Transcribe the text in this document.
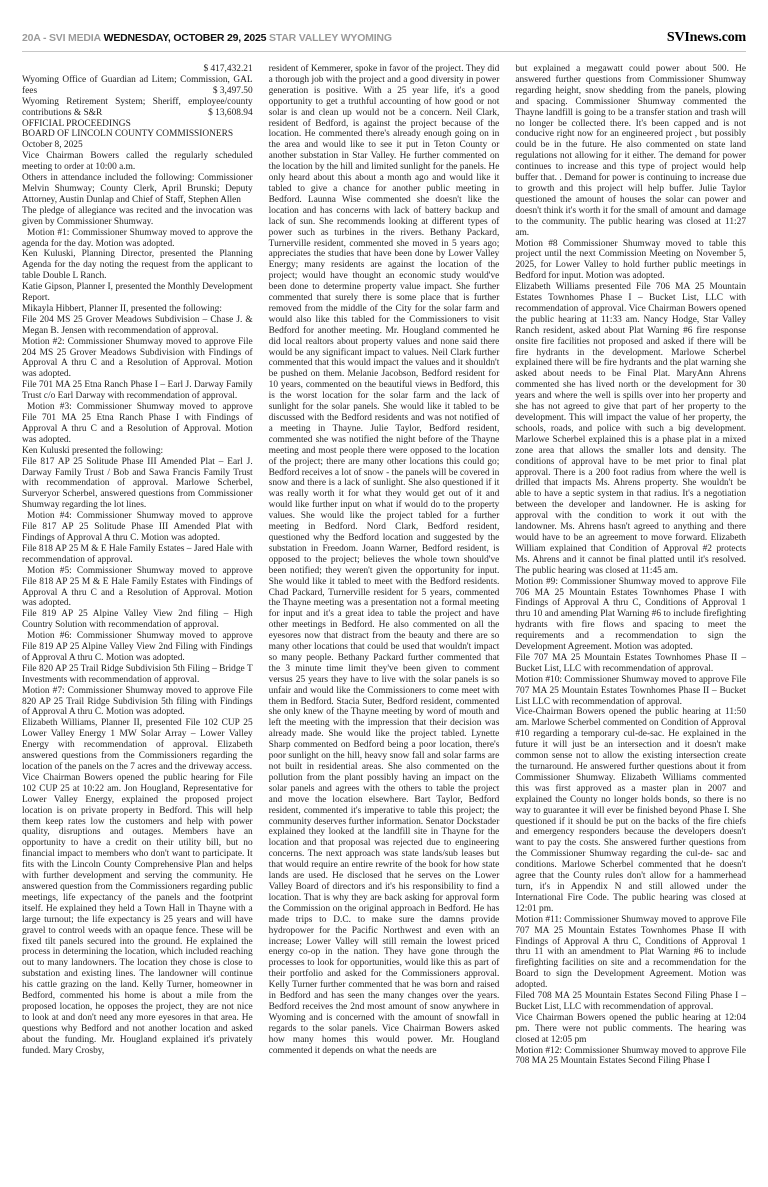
20A - SVI MEDIA WEDNESDAY, OCTOBER 29, 2025 STAR VALLEY WYOMING	SVInews.com

$ 417,432.21

Wyoming Office of Guardian ad Litem; Commission, GAL

fees	$ 3,497.50

Wyoming Retirement System; Sheriff, employee/county

contributions & S&R	$ 13,608.94

OFFICIAL PROCEEDINGS

BOARD OF LINCOLN COUNTY COMMISSIONERS

October 8, 2025

Vice Chairman Bowers called the regularly scheduled meeting to order at 10:00 a.m.

Others in attendance included the following: Commissioner Melvin Shumway; County Clerk, April Brunski; Deputy Attorney, Austin Dunlap and Chief of Staff, Stephen Allen

The pledge of allegiance was recited and the invocation was given by Commissioner Shumway.

Motion #1: Commissioner Shumway moved to approve the agenda for the day. Motion was adopted.

Ken Kuluski, Planning Director, presented the Planning Agenda for the day noting the request from the applicant to table Double L Ranch.

Katie Gipson, Planner I, presented the Monthly Development Report.

Mikayla Hibbert, Planner II, presented the following:

File 204 MS 25 Grover Meadows Subdivision – Chase J. & Megan B. Jensen with recommendation of approval.

Motion #2: Commissioner Shumway moved to approve File 204 MS 25 Grover Meadows Subdivision with Findings of Approval A thru C and a Resolution of Approval. Motion was adopted.

File 701 MA 25 Etna Ranch Phase I – Earl J. Darway Family Trust c/o Earl Darway with recommendation of approval.

Motion #3: Commissioner Shumway moved to approve File 701 MA 25 Etna Ranch Phase I with Findings of Approval A thru C and a Resolution of Approval. Motion was adopted.

Ken Kuluski presented the following:

File 817 AP 25 Solitude Phase III Amended Plat – Earl J. Darway Family Trust / Bob and Sawa Francis Family Trust with recommendation of approval. Marlowe Scherbel, Surveryor Scherbel, answered questions from Commissioner Shumway regarding the lot lines.

Motion #4: Commissioner Shumway moved to approve File 817 AP 25 Solitude Phase III Amended Plat with Findings of Approval A thru C. Motion was adopted.

File 818 AP 25 M & E Hale Family Estates – Jared Hale with recommendation of approval.

Motion #5: Commissioner Shumway moved to approve File 818 AP 25 M & E Hale Family Estates with Findings of Approval A thru C and a Resolution of Approval. Motion was adopted.

File 819 AP 25 Alpine Valley View 2nd filing – High Country Solution with recommendation of approval.

Motion #6: Commissioner Shumway moved to approve File 819 AP 25 Alpine Valley View 2nd Filing with Findings of Approval A thru C. Motion was adopted.

File 820 AP 25 Trail Ridge Subdivision 5th Filing – Bridge T Investments with recommendation of approval.

Motion #7: Commissioner Shumway moved to approve File 820 AP 25 Trail Ridge Subdivision 5th filing with Findings of Approval A thru C. Motion was adopted.

Elizabeth Williams, Planner II, presented File 102 CUP 25 Lower Valley Energy 1 MW Solar Array – Lower Valley Energy with recommendation of approval. Elizabeth answered questions from the Commissioners regarding the location of the panels on the 7 acres and the driveway access.

Vice Chairman Bowers opened the public hearing for File 102 CUP 25 at 10:22 am. Jon Hougland, Representative for Lower Valley Energy, explained the proposed project location is on private property in Bedford. This will help them keep rates low the customers and help with power quality, disruptions and outages. Members have an opportunity to have a credit on their utility bill, but no financial impact to members who don't want to participate. It fits with the Lincoln County Comprehensive Plan and helps with further development and serving the community. He answered question from the Commissioners regarding public meetings, life expectancy of the panels and the footprint itself. He explained they held a Town Hall in Thayne with a large turnout; the life expectancy is 25 years and will have gravel to control weeds with an opaque fence. These will be fixed tilt panels secured into the ground. He explained the process in determining the location, which included reaching out to many landowners. The location they chose is close to substation and existing lines. The landowner will continue his cattle grazing on the land. Kelly Turner, homeowner in Bedford, commented his home is about a mile from the proposed location, he opposes the project, they are not nice to look at and don't need any more eyesores in that area. He questions why Bedford and not another location and asked about the funding. Mr. Hougland explained it's privately funded. Mary Crosby,

resident of Kemmerer, spoke in favor of the project. They did a thorough job with the project and a good diversity in power generation is positive. With a 25 year life, it's a good opportunity to get a truthful accounting of how good or not solar is and clean up would not be a concern. Neil Clark, resident of Bedford, is against the project because of the location. He commented there's already enough going on in the area and would like to see it put in Teton County or another substation in Star Valley. He further commented on the location by the hill and limited sunlight for the panels. He only heard about this about a month ago and would like it tabled to give a chance for another public meeting in Bedford. Launna Wise commented she doesn't like the location and has concerns with lack of battery backup and lack of sun. She recommends looking at different types of power such as turbines in the rivers. Bethany Packard, Turnerville resident, commented she moved in 5 years ago; appreciates the studies that have been done by Lower Valley Energy; many residents are against the location of the project; would have thought an economic study would've been done to determine property value impact. She further commented that surely there is some place that is further removed from the middle of the City for the solar farm and would also like this tabled for the Commissioners to visit Bedford for another meeting. Mr. Hougland commented he did local realtors about property values and none said there would be any significant impact to values. Neil Clark further commented that this would impact the values and it shouldn't be pushed on them. Melanie Jacobson, Bedford resident for 10 years, commented on the beautiful views in Bedford, this is the worst location for the solar farm and the lack of sunlight for the solar panels. She would like it tabled to be discussed with the Bedford residents and was not notified of a meeting in Thayne. Julie Taylor, Bedford resident, commented she was notified the night before of the Thayne meeting and most people there were opposed to the location of the project; there are many other locations this could go; Bedford receives a lot of snow - the panels will be covered in snow and there is a lack of sunlight. She also questioned if it was really worth it for what they would get out of it and would like further input on what if would do to the property values. She would like the project tabled for a further meeting in Bedford. Nord Clark, Bedford resident, questioned why the Bedford location and suggested by the substation in Freedom. Joann Warner, Bedford resident, is opposed to the project; believes the whole town should've been notified; they weren't given the opportunity for input. She would like it tabled to meet with the Bedford residents. Chad Packard, Turnerville resident for 5 years, commented the Thayne meeting was a presentation not a formal meeting for input and it's a great idea to table the project and have other meetings in Bedford. He also commented on all the eyesores now that distract from the beauty and there are so many other locations that could be used that wouldn't impact so many people. Bethany Packard further commented that the 3 minute time limit they've been given to comment versus 25 years they have to live with the solar panels is so unfair and would like the Commissioners to come meet with them in Bedford. Stacia Suter, Bedford resident, commented she only knew of the Thayne meeting by word of mouth and left the meeting with the impression that their decision was already made. She would like the project tabled. Lynette Sharp commented on Bedford being a poor location, there's poor sunlight on the hill, heavy snow fall and solar farms are not built in residential areas. She also commented on the pollution from the plant possibly having an impact on the solar panels and agrees with the others to table the project and move the location elsewhere. Bart Taylor, Bedford resident, commented it's imperative to table this project; the community deserves further information. Senator Dockstader explained they looked at the landfill site in Thayne for the location and that proposal was rejected due to engineering concerns. The next approach was state lands/sub leases but that would require an entire rewrite of the book for how state lands are used. He disclosed that he serves on the Lower Valley Board of directors and it's his responsibility to find a location. That is why they are back asking for approval form the Commission on the original approach in Bedford. He has made trips to D.C. to make sure the damns provide hydropower for the Pacific Northwest and even with an increase; Lower Valley will still remain the lowest priced energy co-op in the nation. They have gone through the processes to look for opportunities, would like this as part of their portfolio and asked for the Commissioners approval. Kelly Turner further commented that he was born and raised in Bedford and has seen the many changes over the years. Bedford receives the 2nd most amount of snow anywhere in Wyoming and is concerned with the amount of snowfall in regards to the solar panels. Vice Chairman Bowers asked how many homes this would power. Mr. Hougland commented it depends on what the needs are

but explained a megawatt could power about 500. He answered further questions from Commissioner Shumway regarding height, snow shedding from the panels, plowing and spacing. Commissioner Shumway commented the Thayne landfill is going to be a transfer station and trash will no longer be collected there. It's been capped and is not conducive right now for an engineered project , but possibly could be in the future. He also commented on state land regulations not allowing for it either. The demand for power continues to increase and this type of project would help buffer that. . Demand for power is continuing to increase due to growth and this project will help buffer. Julie Taylor questioned the amount of houses the solar can power and doesn't think it's worth it for the small of amount and damage to the community. The public hearing was closed at 11:27 am.

Motion #8 Commissioner Shumway moved to table this project until the next Commission Meeting on November 5, 2025, for Lower Valley to hold further public meetings in Bedford for input. Motion was adopted.

Elizabeth Williams presented File 706 MA 25 Mountain Estates Townhomes Phase I – Bucket List, LLC with recommendation of approval. Vice Chairman Bowers opened the public hearing at 11:33 am. Nancy Hodge, Star Valley Ranch resident, asked about Plat Warning #6 fire response onsite fire facilities not proposed and asked if there will be fire hydrants in the development. Marlowe Scherbel explained there will be fire hydrants and the plat warning she asked about needs to be Final Plat. MaryAnn Ahrens commented she has lived north or the development for 30 years and where the well is spills over into her property and she has not agreed to give that part of her property to the development. This will impact the value of her property, the schools, roads, and police with such a big development. Marlowe Scherbel explained this is a phase plat in a mixed zone area that allows the smaller lots and density. The conditions of approval have to be met prior to final plat approval. There is a 200 foot radius from where the well is drilled that impacts Ms. Ahrens property. She wouldn't be able to have a septic system in that radius. It's a negotiation between the developer and landowner. He is asking for approval with the condition to work it out with the landowner. Ms. Ahrens hasn't agreed to anything and there would have to be an agreement to move forward. Elizabeth William explained that Condition of Approval #2 protects Ms. Ahrens and it cannot be final platted until it's resolved. The public hearing was closed at 11:45 am.

Motion #9: Commissioner Shumway moved to approve File 706 MA 25 Mountain Estates Townhomes Phase I with Findings of Approval A thru C, Conditions of Approval 1 thru 10 and amending Plat Warning #6 to include firefighting hydrants with fire flows and spacing to meet the requirements and a recommendation to sign the Development Agreement. Motion was adopted.

File 707 MA 25 Mountain Estates Townhomes Phase II – Bucket List, LLC with recommendation of approval.

Motion #10: Commissioner Shumway moved to approve File 707 MA 25 Mountain Estates Townhomes Phase II – Bucket List LLC with recommendation of approval.

Vice-Chairman Bowers opened the public hearing at 11:50 am. Marlowe Scherbel commented on Condition of Approval #10 regarding a temporary cul-de-sac. He explained in the future it will just be an intersection and it doesn't make common sense not to allow the existing intersection create the turnaround. He answered further questions about it from Commissioner Shumway. Elizabeth Williams commented this was first approved as a master plan in 2007 and explained the County no longer holds bonds, so there is no way to guarantee it will ever be finished beyond Phase I. She questioned if it should be put on the backs of the fire chiefs and emergency responders because the developers doesn't want to pay the costs. She answered further questions from the Commissioner Shumway regarding the cul-de- sac and conditions. Marlowe Scherbel commented that he doesn't agree that the County rules don't allow for a hammerhead turn, it's in Appendix N and still allowed under the International Fire Code. The public hearing was closed at 12:01 pm.

Motion #11: Commissioner Shumway moved to approve File 707 MA 25 Mountain Estates Townhomes Phase II with Findings of Approval A thru C, Conditions of Approval 1 thru 11 with an amendment to Plat Warning #6 to include firefighting facilities on site and a recommendation for the Board to sign the Development Agreement. Motion was adopted.

Filed 708 MA 25 Mountain Estates Second Filing Phase I – Bucket List, LLC with recommendation of approval.

Vice Chairman Bowers opened the public hearing at 12:04 pm. There were not public comments. The hearing was closed at 12:05 pm

Motion #12: Commissioner Shumway moved to approve File 708 MA 25 Mountain Estates Second Filing Phase I
